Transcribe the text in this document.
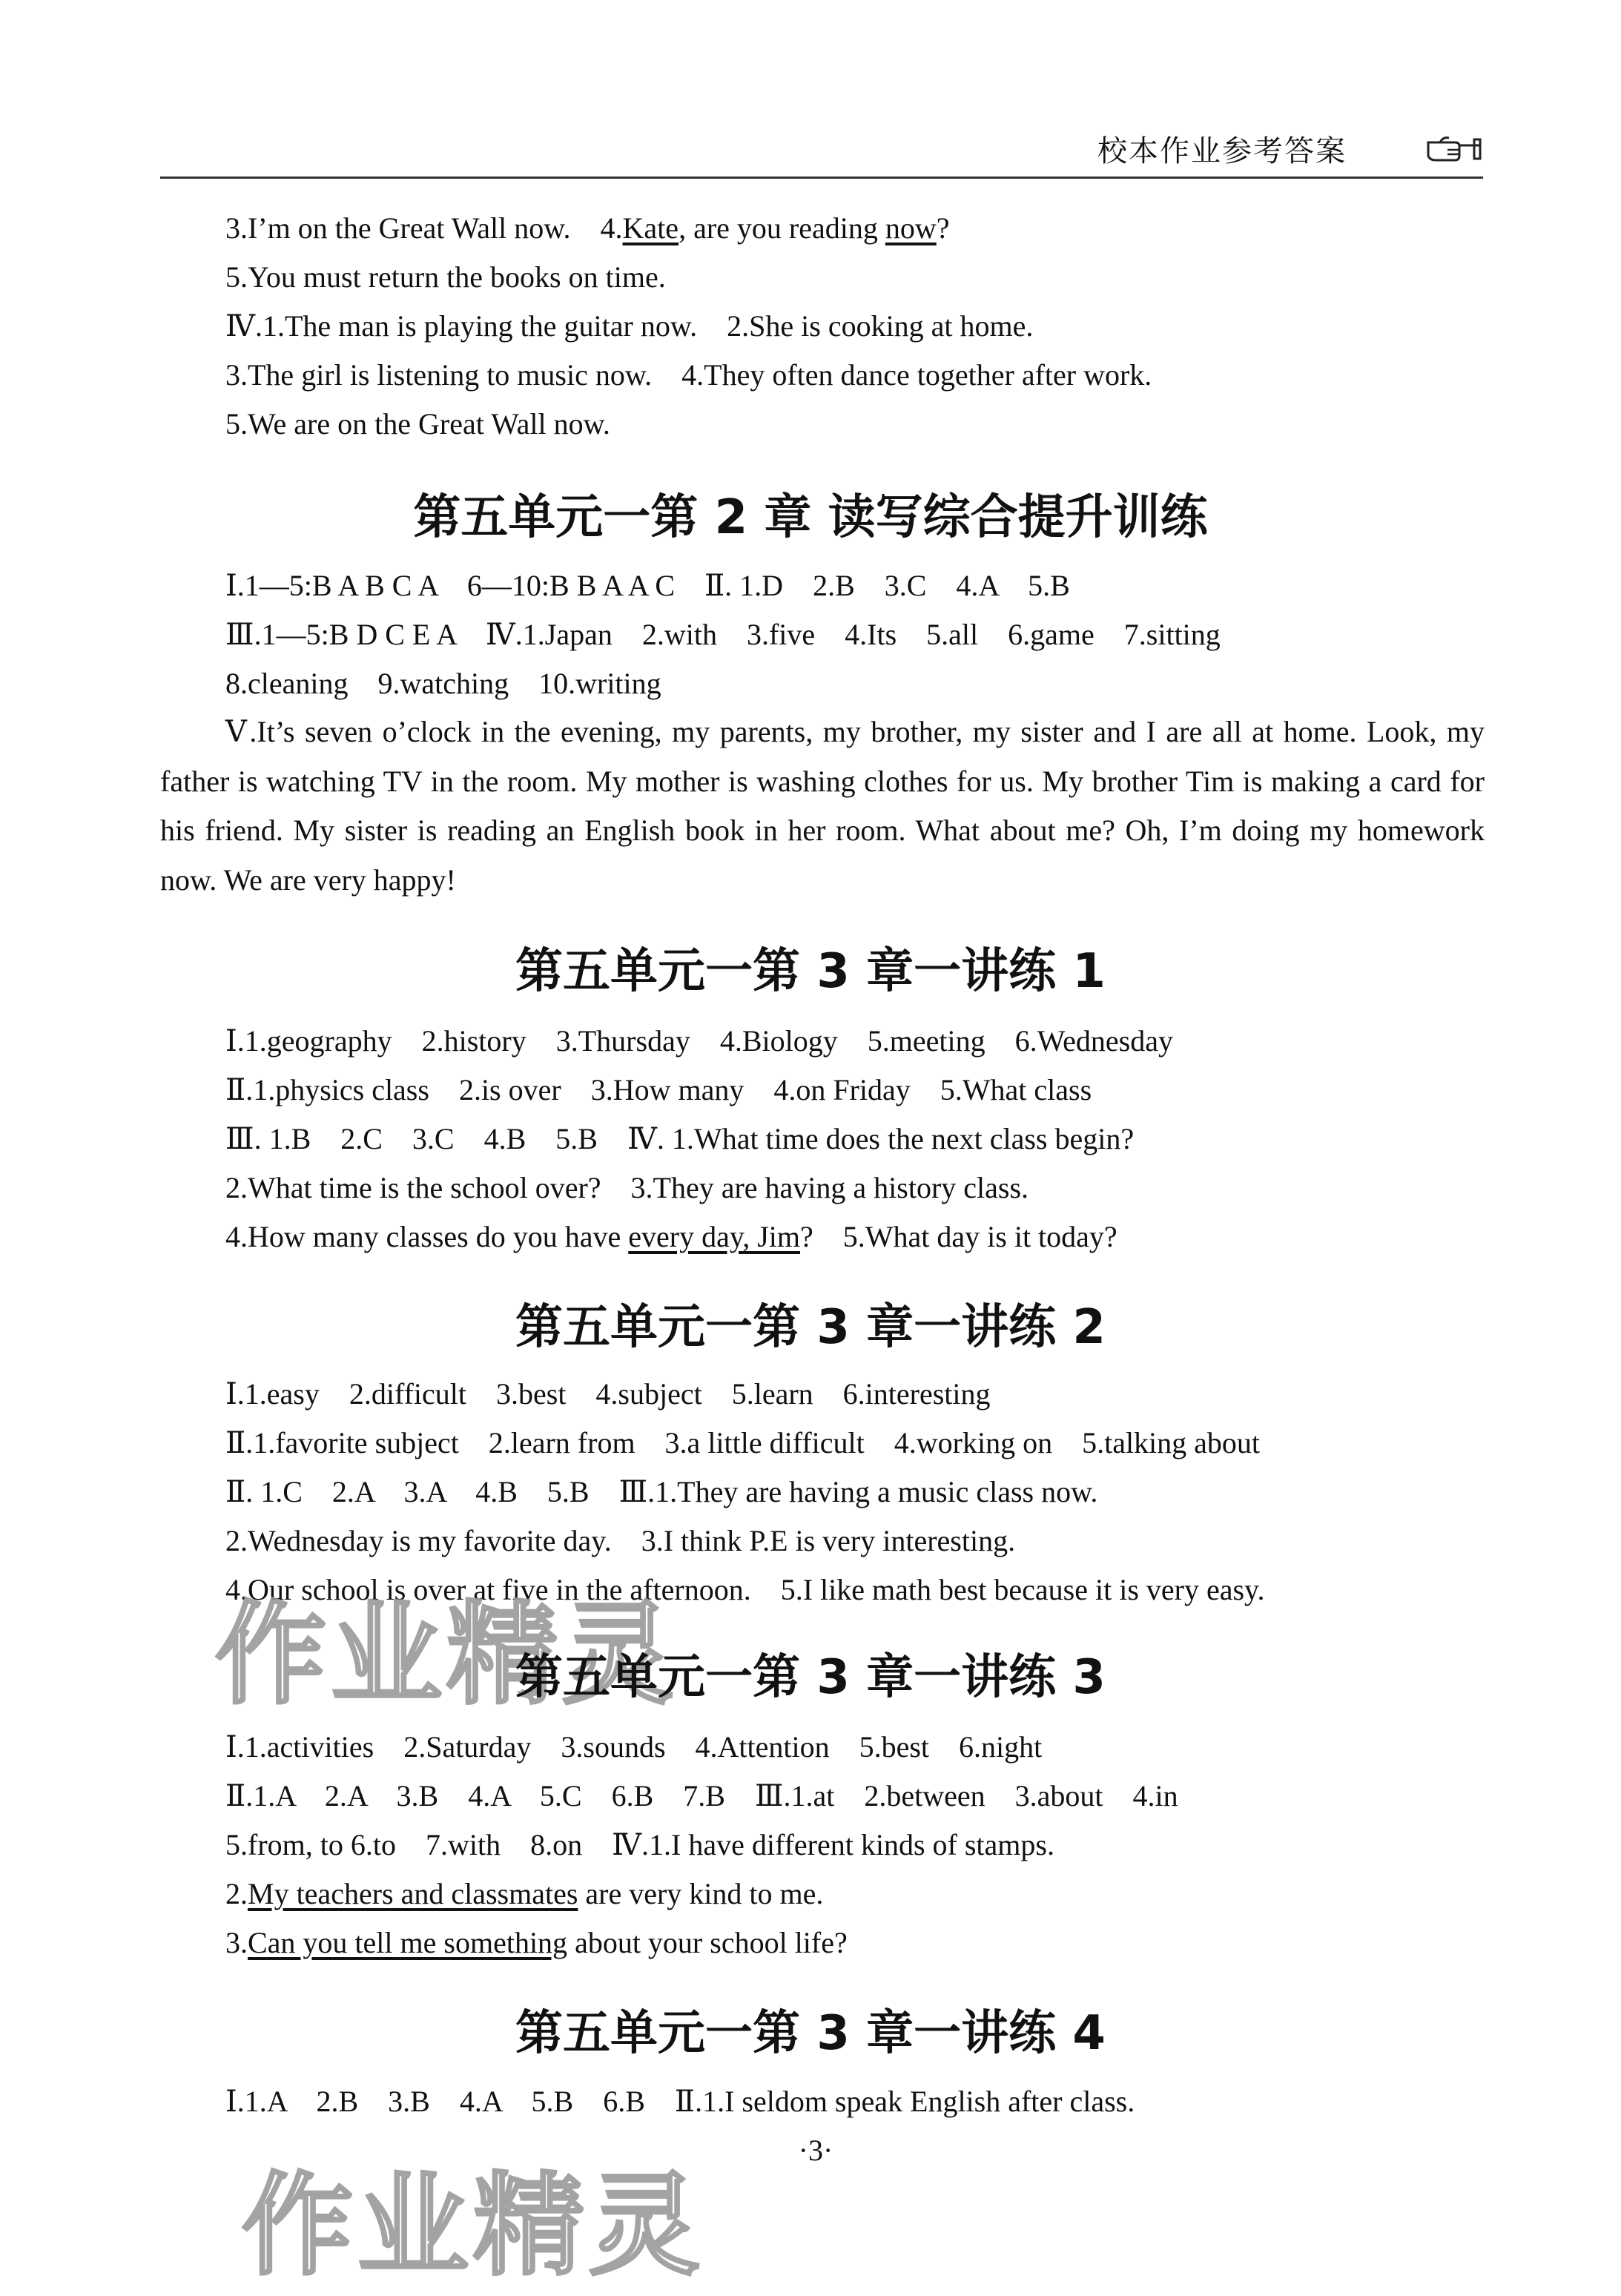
校本作业参考答案
3.I’m on the Great Wall now.    4.Kate, are you reading now?
5.You must return the books on time.
Ⅳ.1.The man is playing the guitar now.    2.She is cooking at home.
3.The girl is listening to music now.    4.They often dance together after work.
5.We are on the Great Wall now.
第五单元一第 2 章 读写综合提升训练
Ⅰ.1—5:B A B C A    6—10:B B A A C    Ⅱ. 1.D    2.B    3.C    4.A    5.B
Ⅲ.1—5:B D C E A    Ⅳ.1.Japan    2.with    3.five    4.Its    5.all    6.game    7.sitting
8.cleaning    9.watching    10.writing
Ⅴ.It’s seven o’clock in the evening, my parents, my brother, my sister and I are all at home. Look, my father is watching TV in the room. My mother is washing clothes for us. My brother Tim is making a card for his friend. My sister is reading an English book in her room. What about me? Oh, I’m doing my homework now. We are very happy!
第五单元一第 3 章一讲练 1
Ⅰ.1.geography    2.history    3.Thursday    4.Biology    5.meeting    6.Wednesday
Ⅱ.1.physics class    2.is over    3.How many    4.on Friday    5.What class
Ⅲ. 1.B    2.C    3.C    4.B    5.B    Ⅳ. 1.What time does the next class begin?
2.What time is the school over?    3.They are having a history class.
4.How many classes do you have every day, Jim?    5.What day is it today?
第五单元一第 3 章一讲练 2
Ⅰ.1.easy    2.difficult    3.best    4.subject    5.learn    6.interesting
Ⅱ.1.favorite subject    2.learn from    3.a little difficult    4.working on    5.talking about
Ⅱ. 1.C    2.A    3.A    4.B    5.B    Ⅲ.1.They are having a music class now.
2.Wednesday is my favorite day.    3.I think P.E is very interesting.
4.Our school is over at five in the afternoon.    5.I like math best because it is very easy.
作业精灵
第五单元一第 3 章一讲练 3
Ⅰ.1.activities    2.Saturday    3.sounds    4.Attention    5.best    6.night
Ⅱ.1.A    2.A    3.B    4.A    5.C    6.B    7.B    Ⅲ.1.at    2.between    3.about    4.in
5.from, to 6.to    7.with    8.on    Ⅳ.1.I have different kinds of stamps.
2.My teachers and classmates are very kind to me.
3.Can you tell me something about your school life?
第五单元一第 3 章一讲练 4
Ⅰ.1.A    2.B    3.B    4.A    5.B    6.B    Ⅱ.1.I seldom speak English after class.
·3·
作业精灵
